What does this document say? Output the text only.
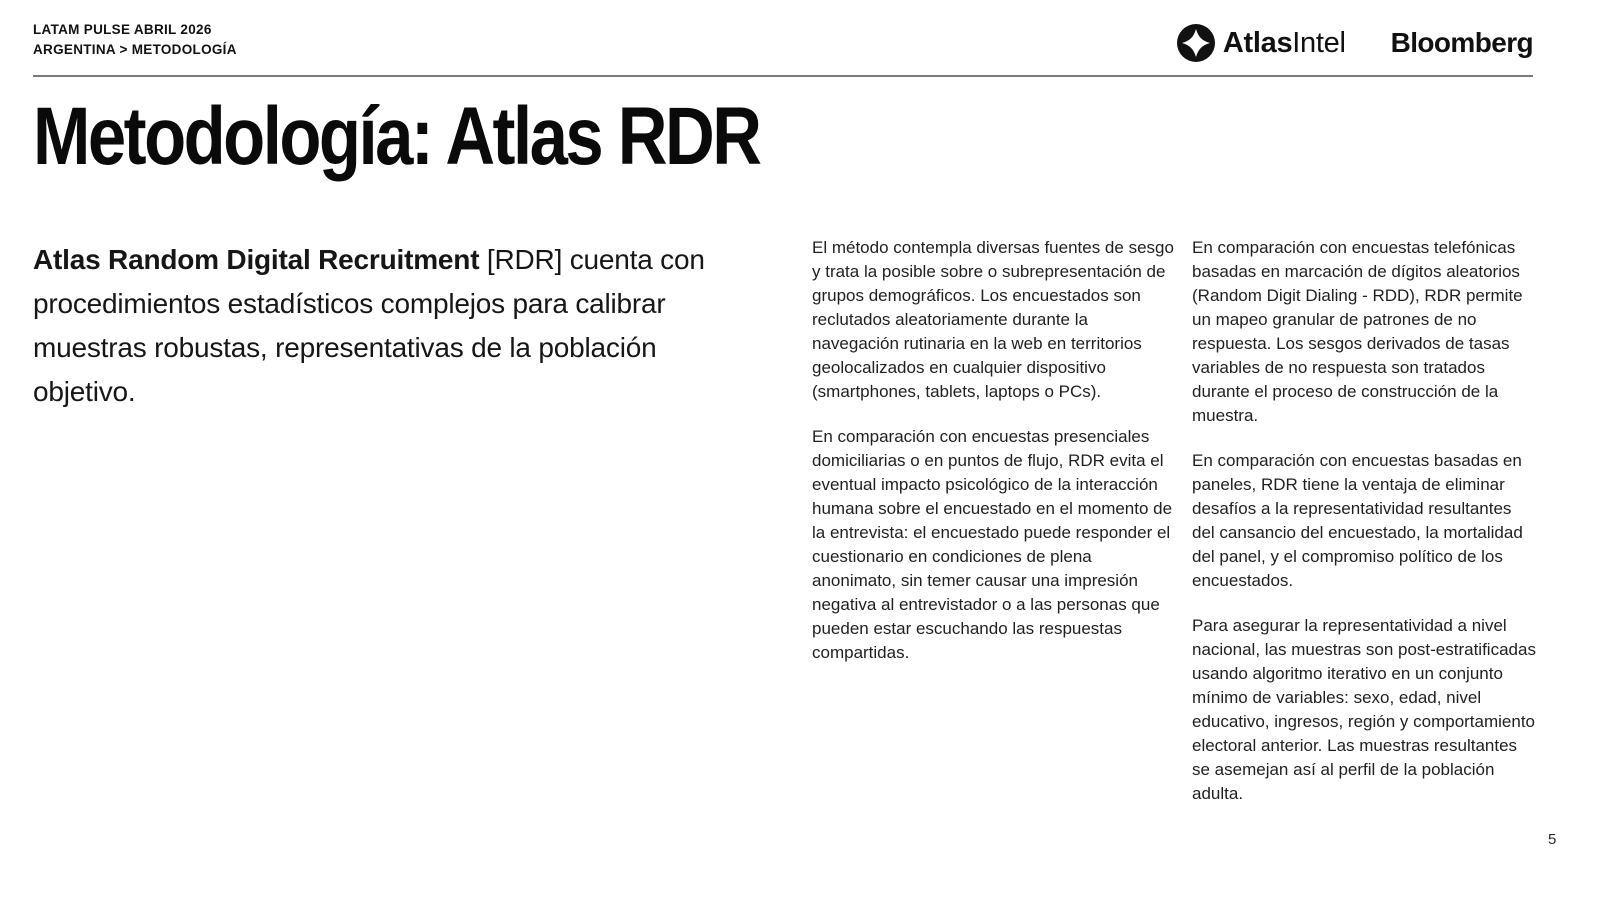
LATAM PULSE ABRIL 2026
ARGENTINA > METODOLOGÍA	AtlasIntel Bloomberg
Metodología: Atlas RDR
Atlas Random Digital Recruitment [RDR] cuenta con procedimientos estadísticos complejos para calibrar muestras robustas, representativas de la población objetivo.

El método contempla diversas fuentes de sesgo y trata la posible sobre o subrepresentación de grupos demográficos. Los encuestados son reclutados aleatoriamente durante la navegación rutinaria en la web en territorios geolocalizados en cualquier dispositivo (smartphones, tablets, laptops o PCs).

En comparación con encuestas presenciales domiciliarias o en puntos de flujo, RDR evita el eventual impacto psicológico de la interacción humana sobre el encuestado en el momento de la entrevista: el encuestado puede responder el cuestionario en condiciones de plena anonimato, sin temer causar una impresión negativa al entrevistador o a las personas que pueden estar escuchando las respuestas compartidas.

En comparación con encuestas telefónicas basadas en marcación de dígitos aleatorios (Random Digit Dialing - RDD), RDR permite un mapeo granular de patrones de no respuesta. Los sesgos derivados de tasas variables de no respuesta son tratados durante el proceso de construcción de la muestra.

En comparación con encuestas basadas en paneles, RDR tiene la ventaja de eliminar desafíos a la representatividad resultantes del cansancio del encuestado, la mortalidad del panel, y el compromiso político de los encuestados.

Para asegurar la representatividad a nivel nacional, las muestras son post-estratificadas usando algoritmo iterativo en un conjunto mínimo de variables: sexo, edad, nivel educativo, ingresos, región y comportamiento electoral anterior. Las muestras resultantes se asemejan así al perfil de la población adulta.

5
